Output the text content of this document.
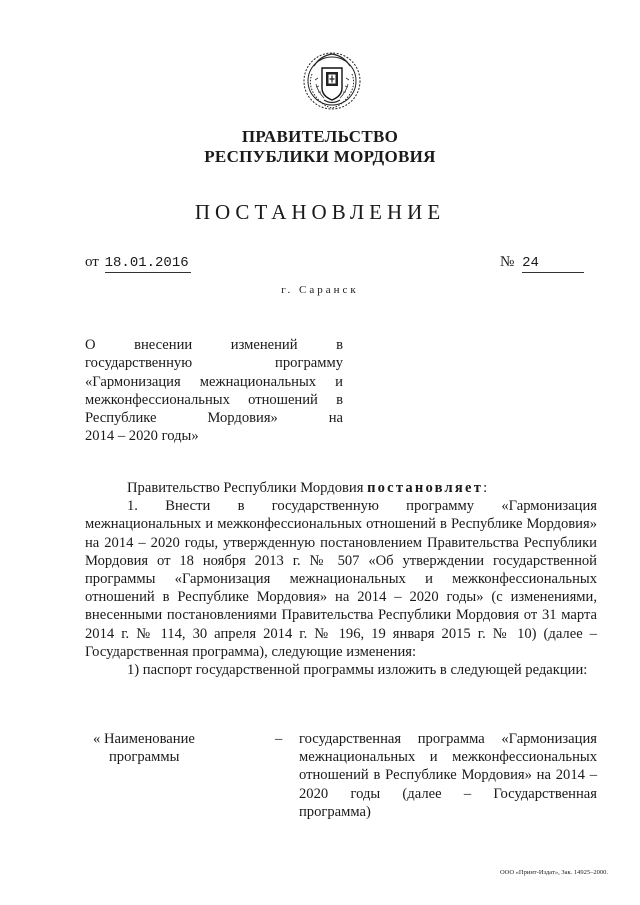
ПРАВИТЕЛЬСТВО
РЕСПУБЛИКИ МОРДОВИЯ
ПОСТАНОВЛЕНИЕ
от 18.01.2016	№ 24
г. Саранск
О внесении изменений в
государственную программу
«Гармонизация межнациональных и
межконфессиональных отношений в
Республике Мордовия» на
2014 – 2020 годы»

Правительство Республики Мордовия постановляет:

1. Внести в государственную программу «Гармонизация межнациональных и межконфессиональных отношений в Республике Мордовия» на 2014 – 2020 годы, утвержденную постановлением Правительства Республики Мордовия от 18 ноября 2013 г. № 507 «Об утверждении государственной программы «Гармонизация межнациональных и межконфессиональных отношений в Республике Мордовия» на 2014 – 2020 годы» (с изменениями, внесенными постановлениями Правительства Республики Мордовия от 31 марта 2014 г. № 114, 30 апреля 2014 г. № 196, 19 января 2015 г. № 10) (далее – Государственная программа), следующие изменения:

1) паспорт государственной программы изложить в следующей редакции:

« Наименование
программы
– государственная программа «Гармонизация межнациональных и межконфессиональных отношений в Республике Мордовия» на 2014 – 2020 годы (далее – Государственная программа)
ООО «Принт-Издат», Зак. 14925–2000.
